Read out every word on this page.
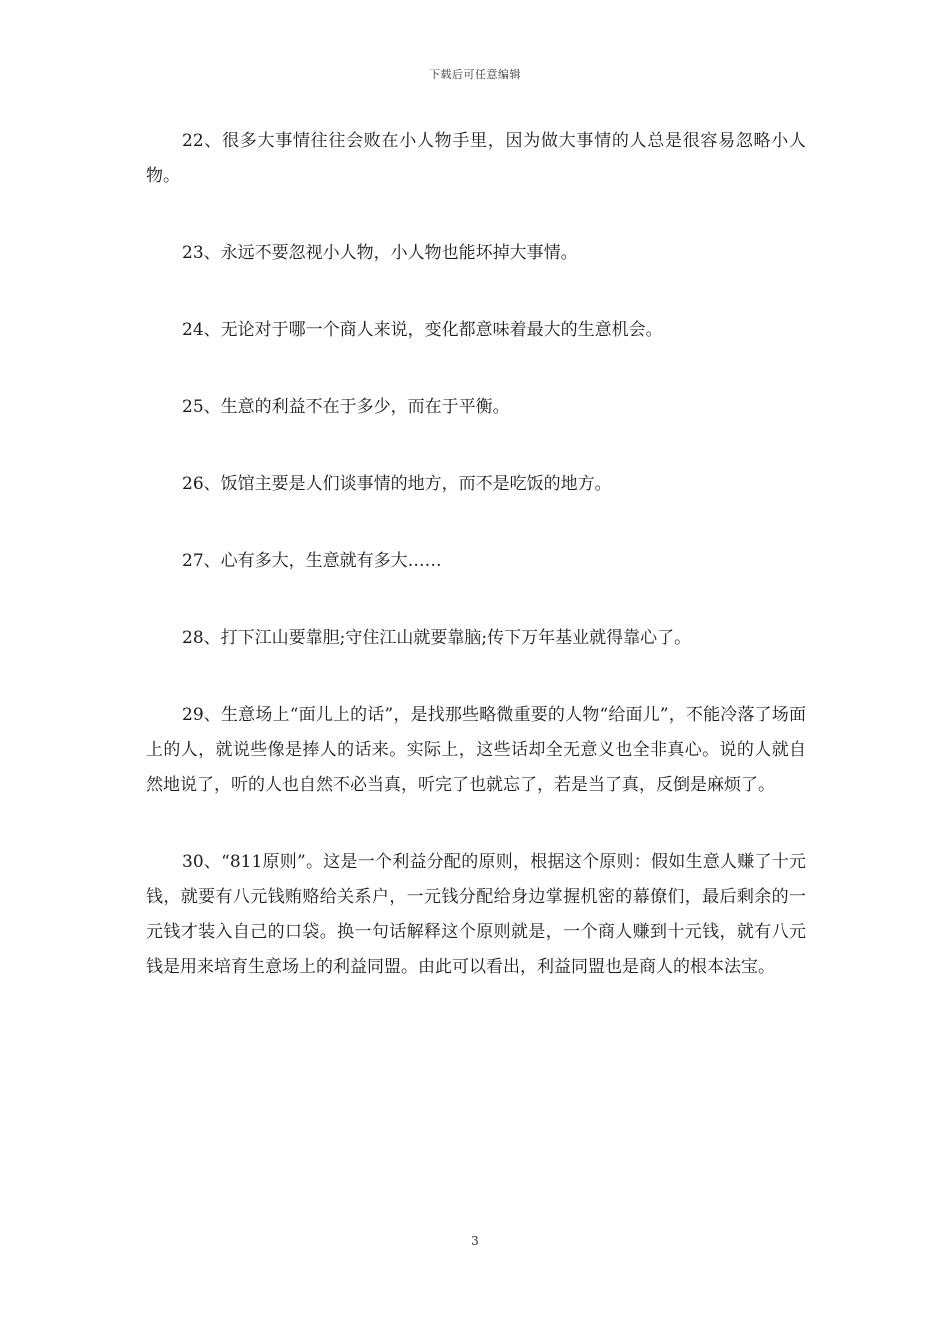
下载后可任意编辑

22、很多大事情往往会败在小人物手里，因为做大事情的人总是很容易忽略小人物。

23、永远不要忽视小人物，小人物也能坏掉大事情。

24、无论对于哪一个商人来说，变化都意味着最大的生意机会。

25、生意的利益不在于多少，而在于平衡。

26、饭馆主要是人们谈事情的地方，而不是吃饭的地方。

27、心有多大，生意就有多大……

28、打下江山要靠胆;守住江山就要靠脑;传下万年基业就得靠心了。

29、生意场上“面儿上的话”，是找那些略微重要的人物“给面儿”，不能冷落了场面上的人，就说些像是捧人的话来。实际上，这些话却全无意义也全非真心。说的人就自然地说了，听的人也自然不必当真，听完了也就忘了，若是当了真，反倒是麻烦了。

30、“811原则”。这是一个利益分配的原则，根据这个原则：假如生意人赚了十元钱，就要有八元钱贿赂给关系户，一元钱分配给身边掌握机密的幕僚们，最后剩余的一元钱才装入自己的口袋。换一句话解释这个原则就是，一个商人赚到十元钱，就有八元钱是用来培育生意场上的利益同盟。由此可以看出，利益同盟也是商人的根本法宝。

3
